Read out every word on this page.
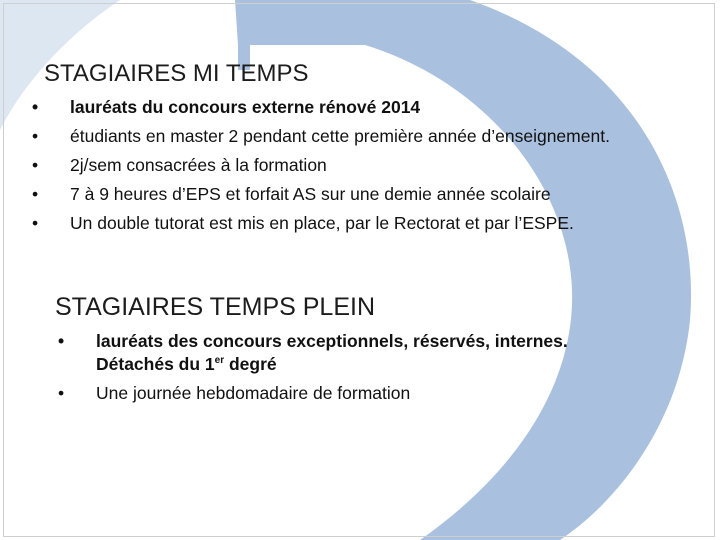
STAGIAIRES MI TEMPS
•	lauréats du concours externe rénové 2014
•	étudiants en master 2 pendant cette première année d’enseignement.
•	2j/sem consacrées à la formation
•	7 à 9 heures d’EPS et forfait AS sur une demie année scolaire
•	Un double tutorat est mis en place, par le Rectorat et par l’ESPE.
STAGIAIRES TEMPS PLEIN
•	lauréats des concours exceptionnels, réservés, internes.
Détachés du 1er degré
•	Une journée hebdomadaire de formation
